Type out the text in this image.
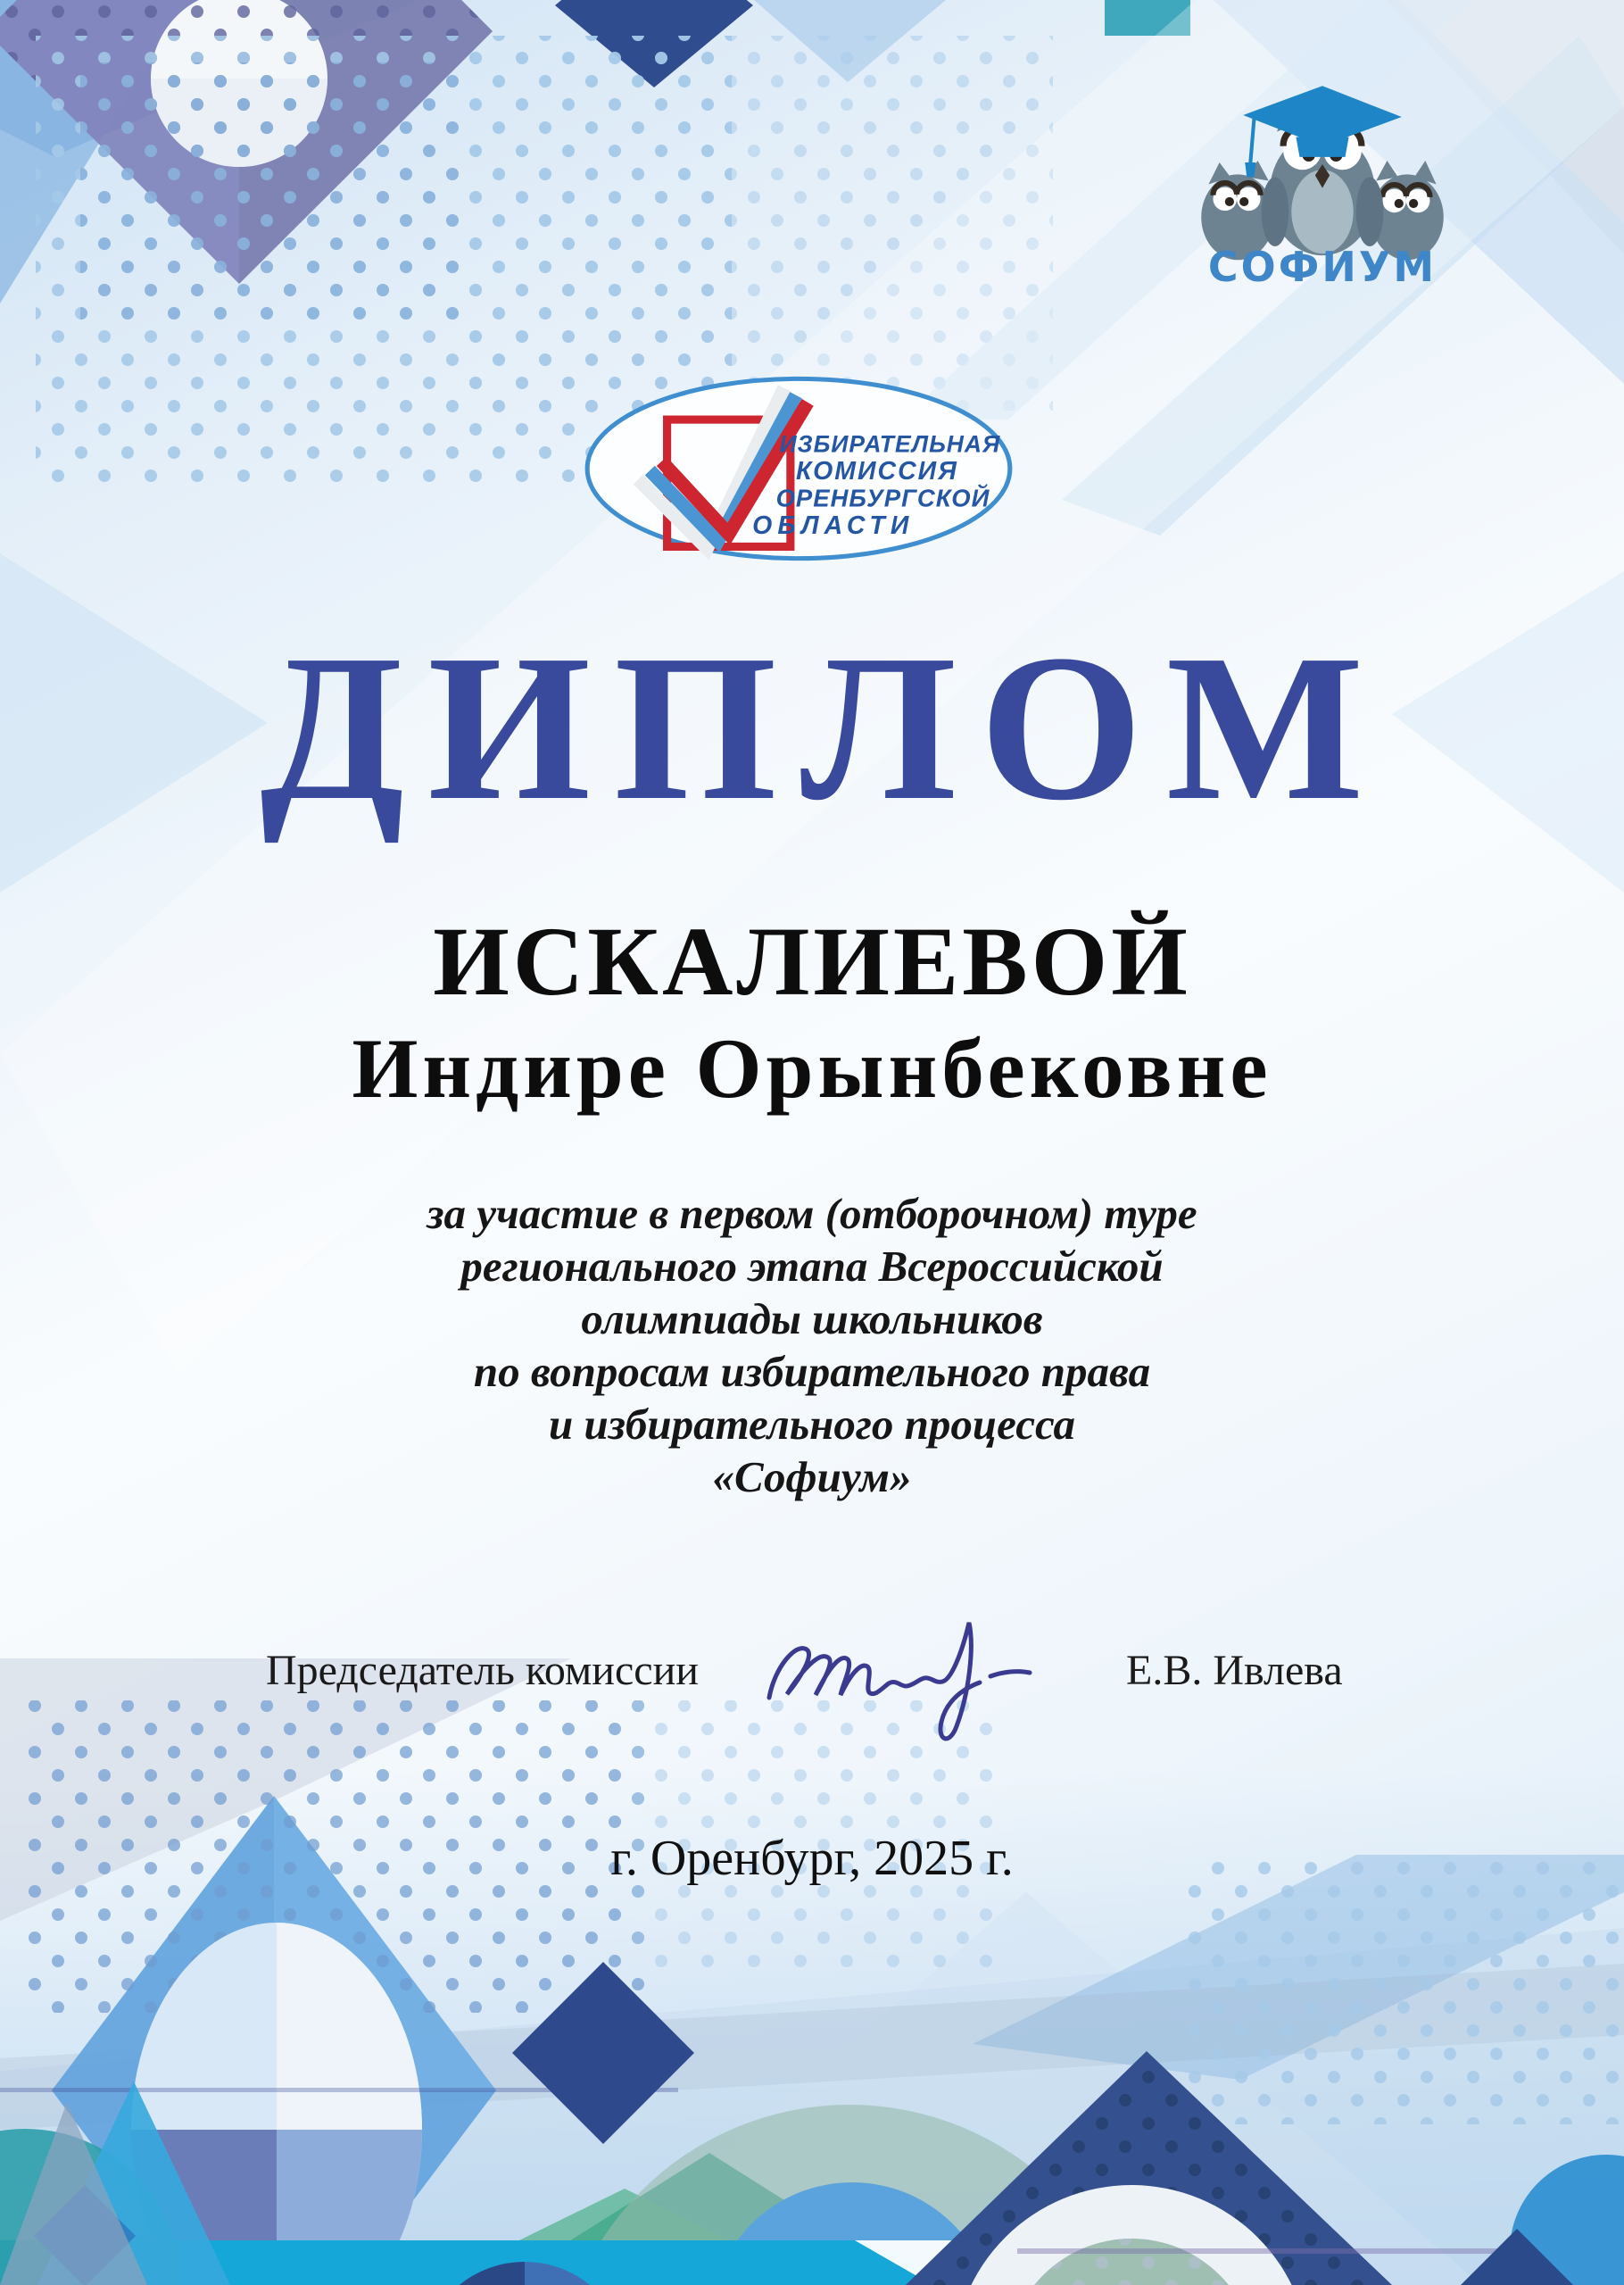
СОФИУМ
ИЗБИРАТЕЛЬНАЯ
КОМИССИЯ
ОРЕНБУРГСКОЙ
ОБЛАСТИ
ДИПЛОМ
ИСКАЛИЕВОЙ
Индире Орынбековне
за участие в первом (отборочном) туре
регионального этапа Всероссийской
олимпиады школьников
по вопросам избирательного права
и избирательного процесса
«Софиум»
Председатель комиссии	Е.В. Ивлева
г. Оренбург, 2025 г.
